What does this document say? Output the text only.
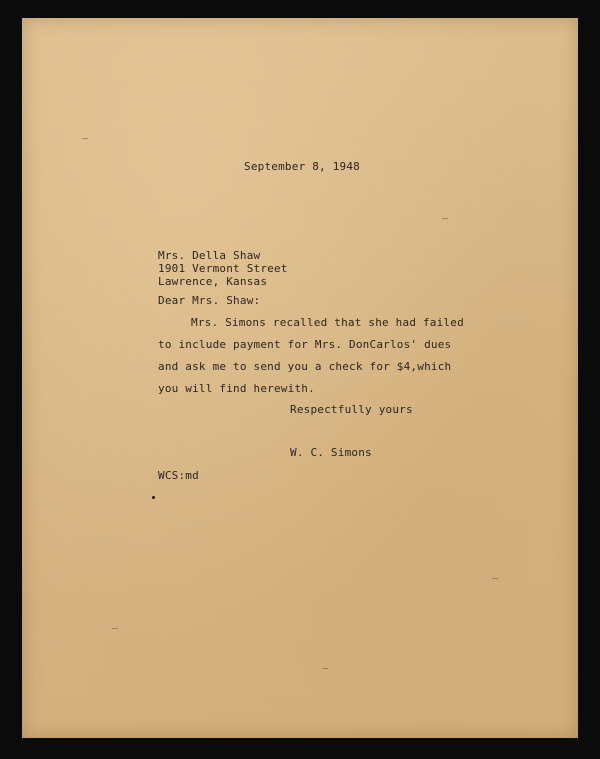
September 8, 1948
Mrs. Della Shaw
1901 Vermont Street
Lawrence, Kansas
Dear Mrs. Shaw:
Mrs. Simons recalled that she had failed
to include payment for Mrs. DonCarlos' dues
and ask me to send you a check for $4,which
you will find herewith.
Respectfully yours
W. C. Simons
WCS:md
